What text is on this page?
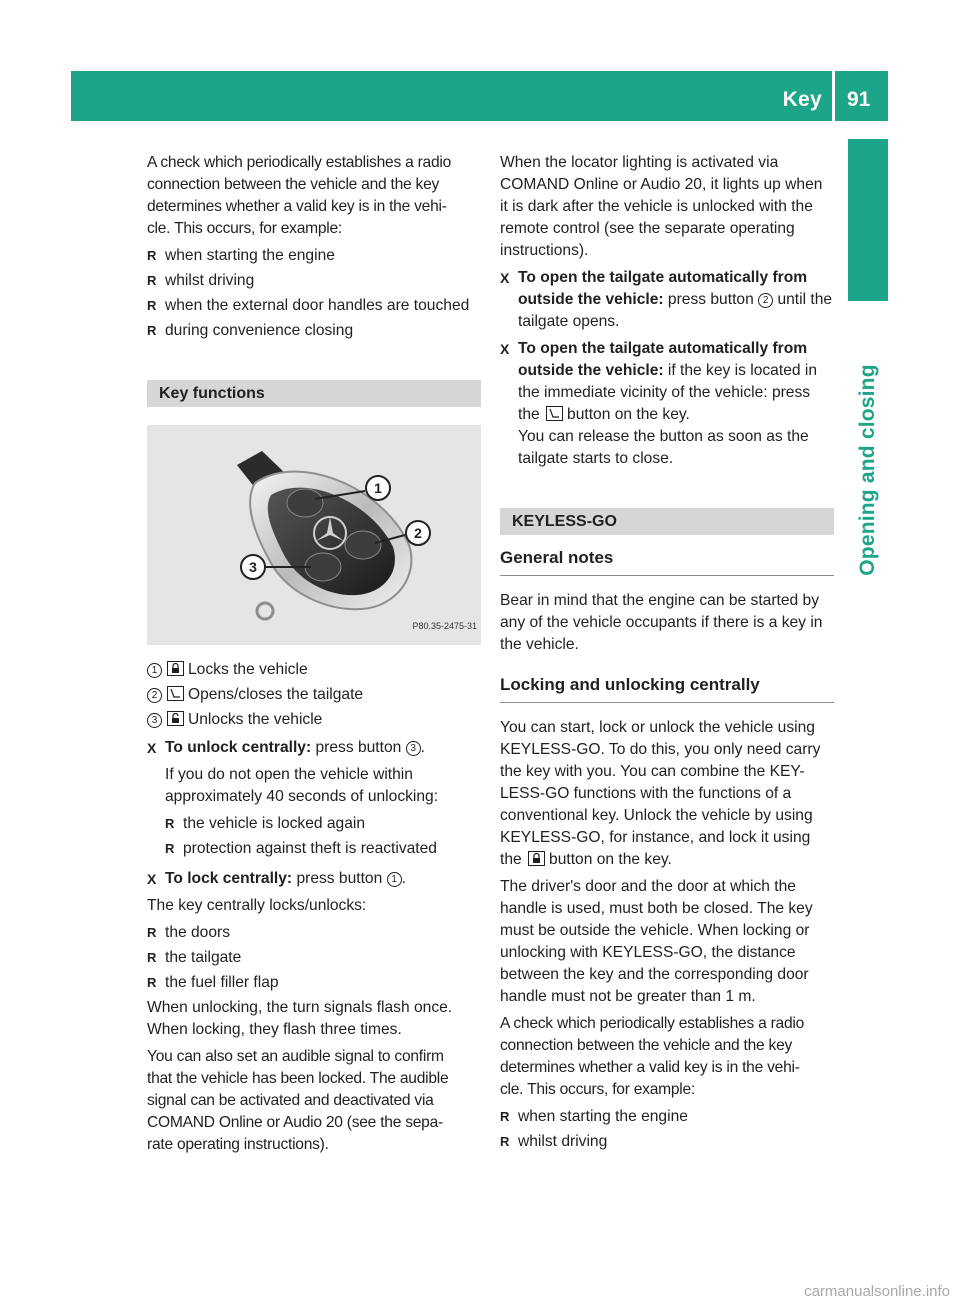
Key 91
Opening and closing

A check which periodically establishes a radio
connection between the vehicle and the key
determines whether a valid key is in the vehi-
cle. This occurs, for example:

R when starting the engine
R whilst driving
R when the external door handles are touched
R during convenience closing
Key functions
1
2
3
P80.35-2475-31
1	Locks the vehicle
2	Opens/closes the tailgate
3	Unlocks the vehicle
X To unlock centrally: press button 3 .

If you do not open the vehicle within approximately 40 seconds of unlocking:

R the vehicle is locked again
R protection against theft is reactivated
X To lock centrally: press button 1 .

The key centrally locks/unlocks:

R the doors
R the tailgate
R the fuel filler flap

When unlocking, the turn signals flash once. When locking, they flash three times.

You can also set an audible signal to confirm
that the vehicle has been locked. The audible
signal can be activated and deactivated via
COMAND Online or Audio 20 (see the sepa-
rate operating instructions).

When the locator lighting is activated via COMAND Online or Audio 20, it lights up when it is dark after the vehicle is unlocked with the remote control (see the separate operating instructions).

X To open the tailgate automatically from outside the vehicle: press button 2 until the tailgate opens.
X To open the tailgate automatically from outside the vehicle: if the key is located in the immediate vicinity of the vehicle: press the button on the key.
You can release the button as soon as the tailgate starts to close.
KEYLESS-GO
General notes

Bear in mind that the engine can be started by any of the vehicle occupants if there is a key in the vehicle.

Locking and unlocking centrally

You can start, lock or unlock the vehicle using KEYLESS-GO. To do this, you only need carry the key with you. You can combine the KEY- LESS-GO functions with the functions of a conventional key. Unlock the vehicle by using KEYLESS-GO, for instance, and lock it using the button on the key.

The driver's door and the door at which the handle is used, must both be closed. The key must be outside the vehicle. When locking or unlocking with KEYLESS-GO, the distance between the key and the corresponding door handle must not be greater than 1 m.

A check which periodically establishes a radio
connection between the vehicle and the key
determines whether a valid key is in the vehi-
cle. This occurs, for example:

R when starting the engine
R whilst driving
carmanualsonline.info
